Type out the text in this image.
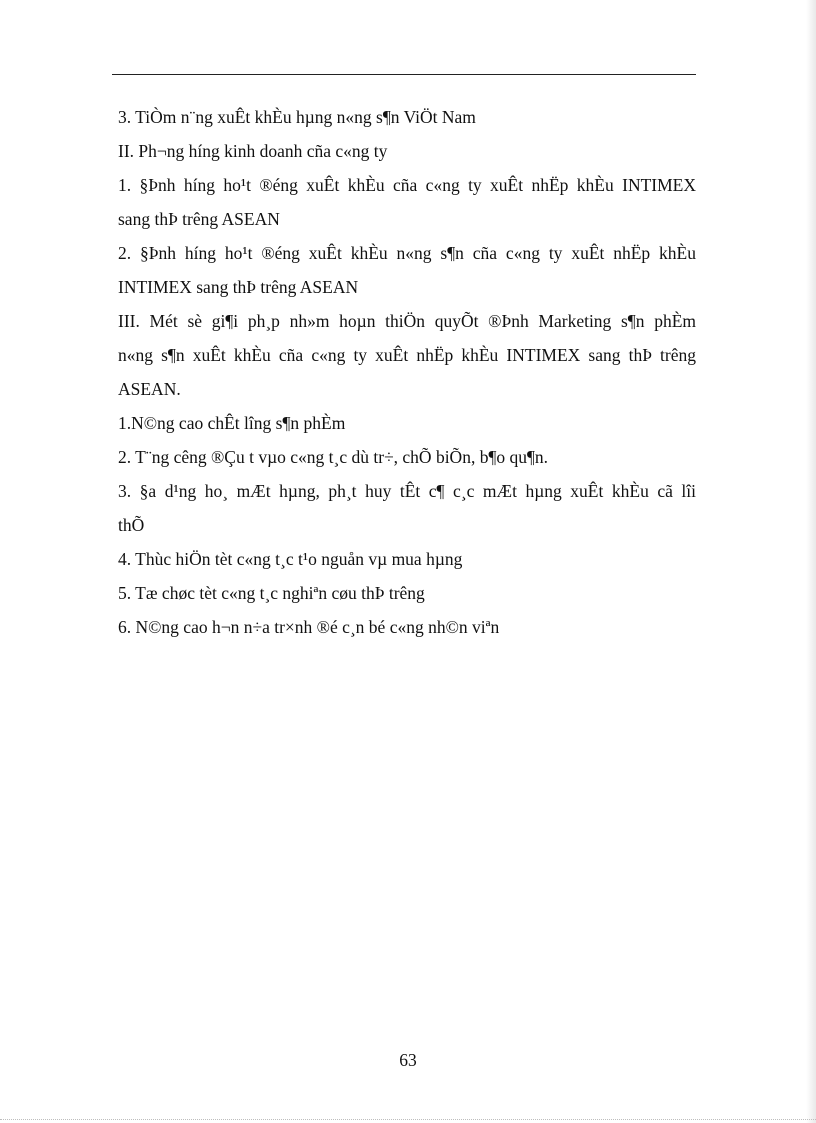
3. TiÒm n¨ng xuÊt khÈu hµng n«ng s¶n ViÖt Nam
II. Ph¬ng híng kinh doanh cña c«ng ty
1. §Þnh híng ho¹t ®éng xuÊt khÈu cña c«ng ty xuÊt nhËp khÈu INTIMEX
sang thÞ trêng ASEAN
2. §Þnh híng ho¹t ®éng xuÊt khÈu n«ng s¶n cña c«ng ty xuÊt nhËp khÈu
INTIMEX sang thÞ trêng ASEAN
III. Mét sè gi¶i ph¸p nh»m hoµn thiÖn quyÕt ®Þnh Marketing s¶n phÈm
n«ng s¶n xuÊt khÈu cña c«ng ty xuÊt nhËp khÈu INTIMEX sang thÞ trêng
ASEAN.
1.N©ng cao chÊt lîng s¶n phÈm
2. T¨ng cêng ®Çu t vµo c«ng t¸c dù tr÷, chÕ biÕn, b¶o qu¶n.
3. §a d¹ng ho¸ mÆt hµng, ph¸t huy tÊt c¶ c¸c mÆt hµng xuÊt khÈu cã lîi
thÕ
4. Thùc hiÖn tèt c«ng t¸c t¹o nguån vµ mua hµng
5. Tæ chøc tèt c«ng t¸c nghiªn cøu thÞ trêng
6. N©ng cao h¬n n÷a tr×nh ®é c¸n bé c«ng nh©n viªn
63
